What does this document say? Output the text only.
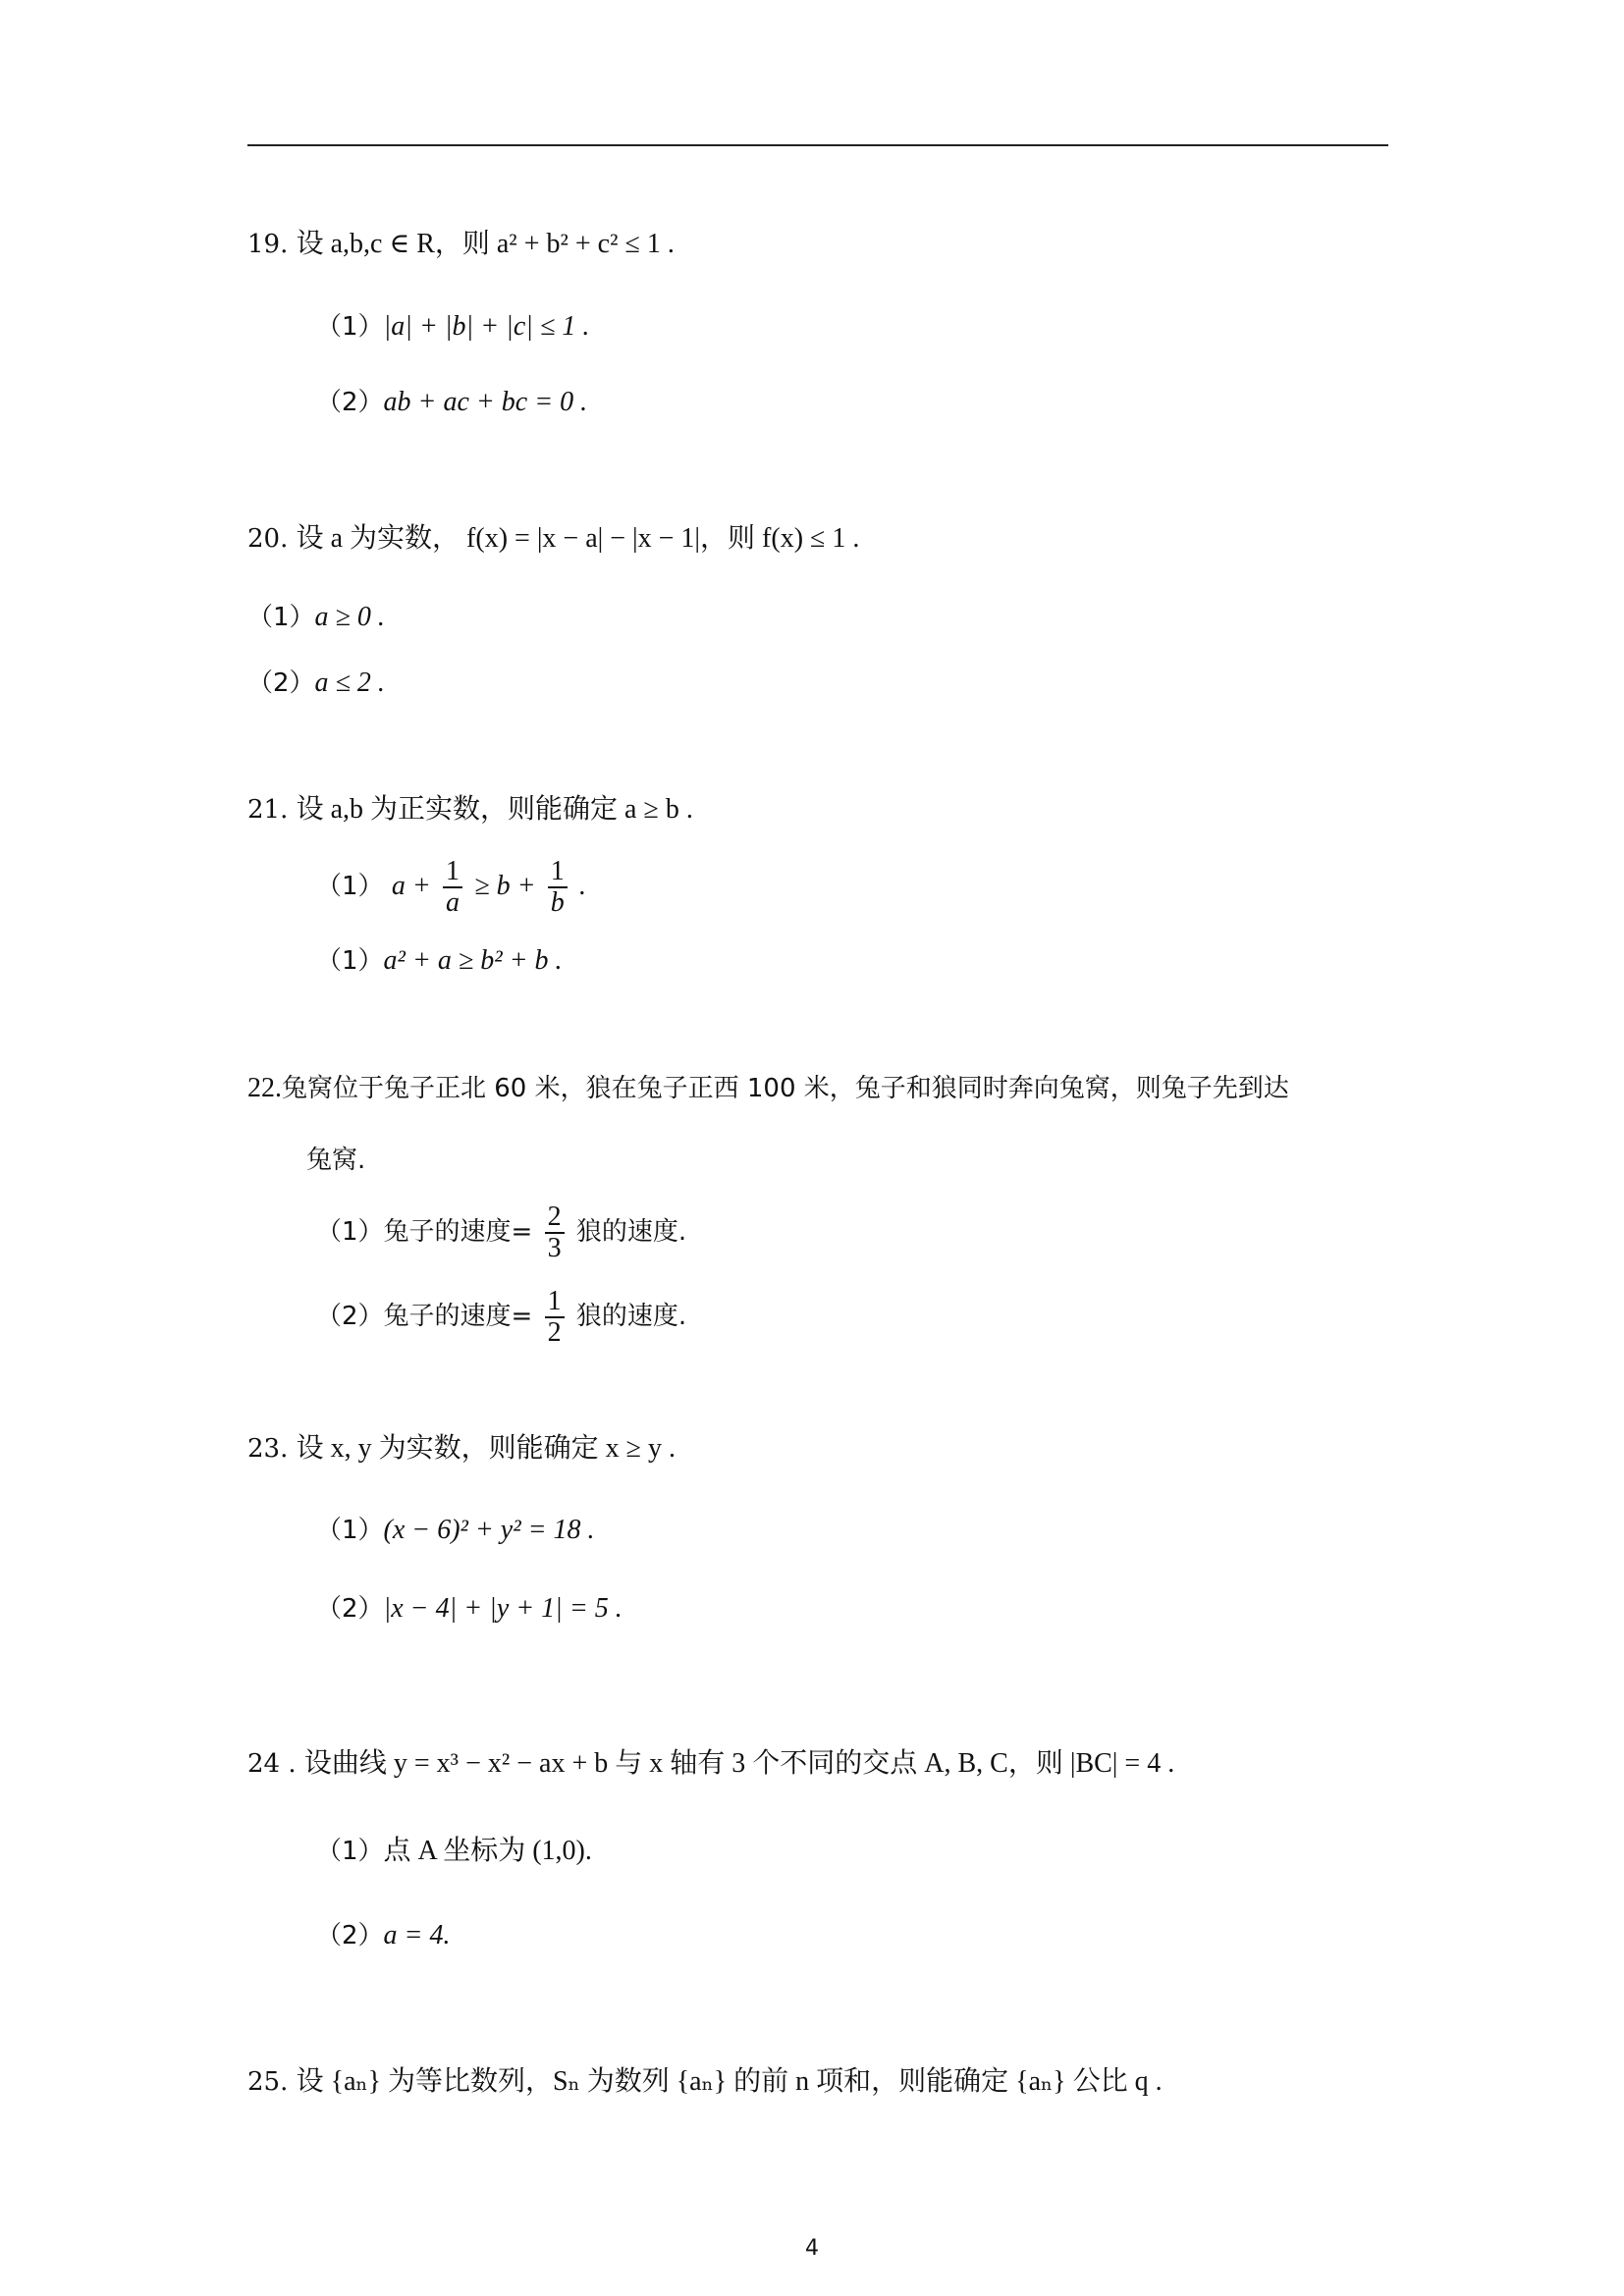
19. 设 a,b,c ∈ R，则 a² + b² + c² ≤ 1 .
（1）|a| + |b| + |c| ≤ 1 .
（2）ab + ac + bc = 0 .
20. 设 a 为实数， f(x) = |x − a| − |x − 1|，则 f(x) ≤ 1 .
（1）a ≥ 0 .
（2）a ≤ 2 .
21. 设 a,b 为正实数，则能确定 a ≥ b .
（1） $a + \frac{1}{a} \ge b + \frac{1}{b}$ .
（1）a² + a ≥ b² + b .
22.兔窝位于兔子正北 60 米，狼在兔子正西 100 米，兔子和狼同时奔向兔窝，则兔子先到达
兔窝.
（1）兔子的速度= $\frac{2}{3}$ 狼的速度.
（2）兔子的速度= $\frac{1}{2}$ 狼的速度.
23. 设 x, y 为实数，则能确定 x ≥ y .
（1）(x − 6)² + y² = 18 .
（2）|x − 4| + |y + 1| = 5 .
24 . 设曲线 y = x³ − x² − ax + b 与 x 轴有 3 个不同的交点 A, B, C，则 |BC| = 4 .
（1）点 A 坐标为 (1,0).
（2）a = 4.
25. 设 {aₙ} 为等比数列，Sₙ 为数列 {aₙ} 的前 n 项和，则能确定 {aₙ} 公比 q .
4
